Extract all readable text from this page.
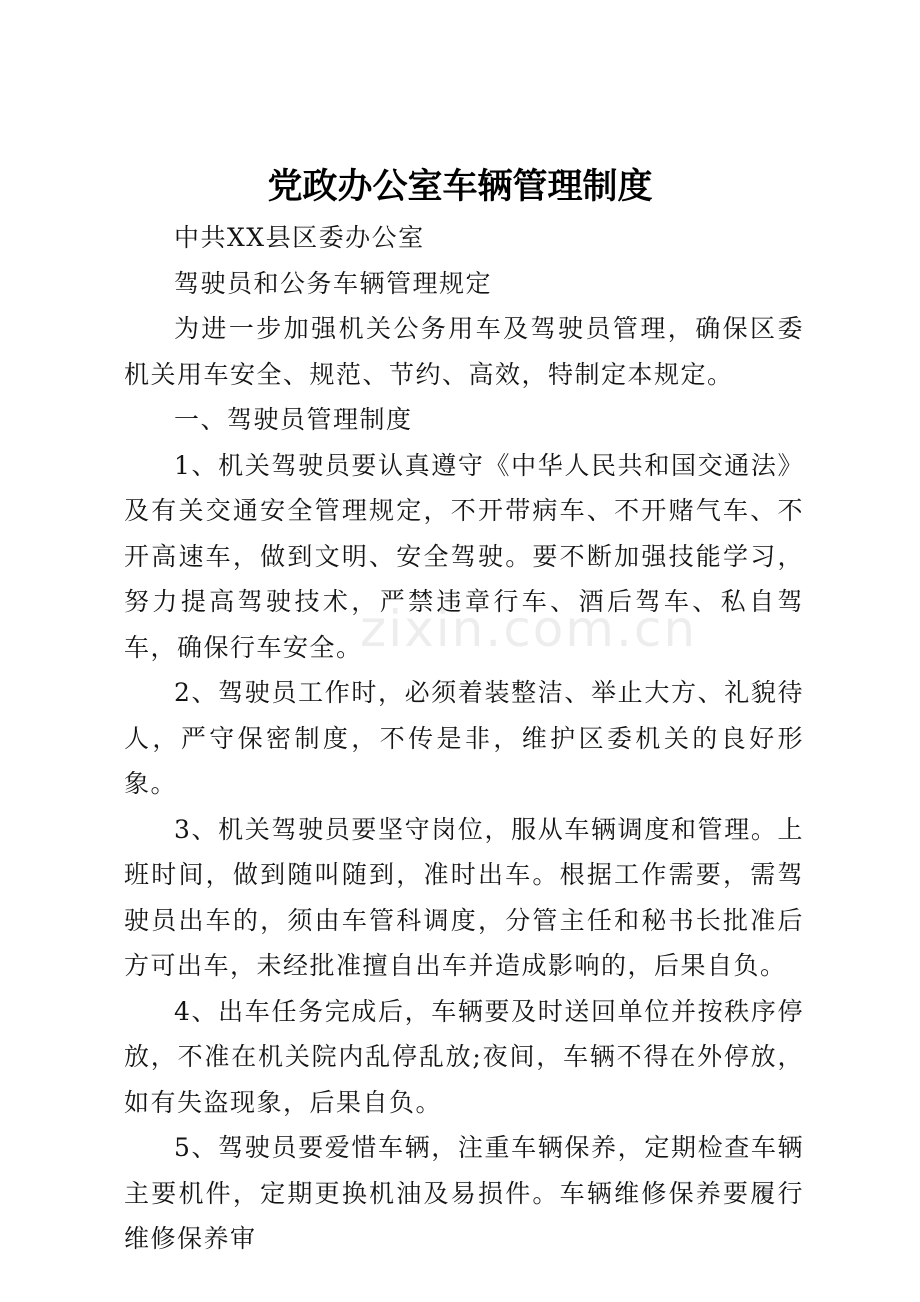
党政办公室车辆管理制度

中共XX县区委办公室

驾驶员和公务车辆管理规定

为进一步加强机关公务用车及驾驶员管理，确保区委机关用车安全、规范、节约、高效，特制定本规定。

一、驾驶员管理制度

1、机关驾驶员要认真遵守《中华人民共和国交通法》及有关交通安全管理规定，不开带病车、不开赌气车、不开高速车，做到文明、安全驾驶。要不断加强技能学习，努力提高驾驶技术，严禁违章行车、酒后驾车、私自驾车，确保行车安全。

2、驾驶员工作时，必须着装整洁、举止大方、礼貌待人，严守保密制度，不传是非，维护区委机关的良好形象。

3、机关驾驶员要坚守岗位，服从车辆调度和管理。上班时间，做到随叫随到，准时出车。根据工作需要，需驾驶员出车的，须由车管科调度，分管主任和秘书长批准后方可出车，未经批准擅自出车并造成影响的，后果自负。

4、出车任务完成后，车辆要及时送回单位并按秩序停放，不准在机关院内乱停乱放;夜间，车辆不得在外停放，如有失盗现象，后果自负。

5、驾驶员要爱惜车辆，注重车辆保养，定期检查车辆主要机件，定期更换机油及易损件。车辆维修保养要履行维修保养审

zixin.com.cn
